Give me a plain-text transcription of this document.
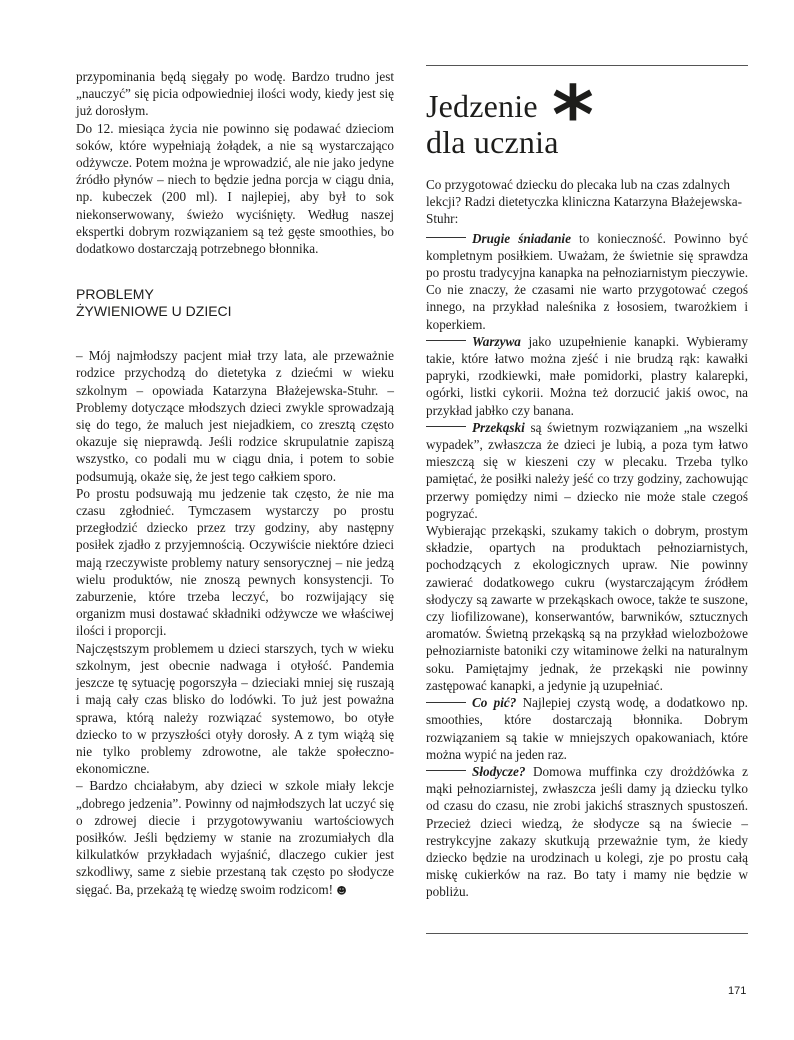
przypominania będą sięgały po wodę. Bardzo trudno jest „nauczyć” się picia odpowiedniej ilości wody, kiedy jest się już dorosłym.

Do 12. miesiąca życia nie powinno się podawać dzieciom soków, które wypełniają żołądek, a nie są wystarczająco odżywcze. Potem można je wprowadzić, ale nie jako jedyne źródło płynów – niech to będzie jedna porcja w ciągu dnia, np. kubeczek (200 ml). I najlepiej, aby był to sok niekonserwowany, świeżo wyciśnięty. Według naszej ekspertki dobrym rozwiązaniem są też gęste smoothies, bo dodatkowo dostarczają potrzebnego błonnika.

PROBLEMY
ŻYWIENIOWE U DZIECI

– Mój najmłodszy pacjent miał trzy lata, ale przeważnie rodzice przychodzą do dietetyka z dziećmi w wieku szkolnym – opowiada Katarzyna Błażejewska-Stuhr. – Problemy dotyczące młodszych dzieci zwykle sprowadzają się do tego, że maluch jest niejadkiem, co zresztą często okazuje się nieprawdą. Jeśli rodzice skrupulatnie zapiszą wszystko, co podali mu w ciągu dnia, i potem to sobie podsumują, okaże się, że jest tego całkiem sporo.

Po prostu podsuwają mu jedzenie tak często, że nie ma czasu zgłodnieć. Tymczasem wystarczy po prostu przegłodzić dziecko przez trzy godziny, aby następny posiłek zjadło z przyjemnością. Oczywiście niektóre dzieci mają rzeczywiste problemy natury sensorycznej – nie jedzą wielu produktów, nie znoszą pewnych konsystencji. To zaburzenie, które trzeba leczyć, bo rozwijający się organizm musi dostawać składniki odżywcze we właściwej ilości i proporcji.

Najczęstszym problemem u dzieci starszych, tych w wieku szkolnym, jest obecnie nadwaga i otyłość. Pandemia jeszcze tę sytuację pogorszyła – dzieciaki mniej się ruszają i mają cały czas blisko do lodówki. To już jest poważna sprawa, którą należy rozwiązać systemowo, bo otyłe dziecko to w przyszłości otyły dorosły. A z tym wiążą się nie tylko problemy zdrowotne, ale także społeczno-ekonomiczne.

– Bardzo chciałabym, aby dzieci w szkole miały lekcje „dobrego jedzenia”. Powinny od najmłodszych lat uczyć się o zdrowej diecie i przygotowywaniu wartościowych posiłków. Jeśli będziemy w stanie na zrozumiałych dla kilkulatków przykładach wyjaśnić, dlaczego cukier jest szkodliwy, same z siebie przestaną tak często po słodycze sięgać. Ba, przekażą tę wiedzę swoim rodzicom! ☻

Jedzenie
dla ucznia
*

Co przygotować dziecku do plecaka lub na czas zdalnych lekcji? Radzi dietetyczka kliniczna Katarzyna Błażejewska-Stuhr:

Drugie śniadanie to konieczność. Powinno być kompletnym posiłkiem. Uważam, że świetnie się sprawdza po prostu tradycyjna kanapka na pełnoziarnistym pieczywie. Co nie znaczy, że czasami nie warto przygotować czegoś innego, na przykład naleśnika z łososiem, twarożkiem i koperkiem.

Warzywa jako uzupełnienie kanapki. Wybieramy takie, które łatwo można zjeść i nie brudzą rąk: kawałki papryki, rzodkiewki, małe pomidorki, plastry kalarepki, ogórki, listki cykorii. Można też dorzucić jakiś owoc, na przykład jabłko czy banana.

Przekąski są świetnym rozwiązaniem „na wszelki wypadek”, zwłaszcza że dzieci je lubią, a poza tym łatwo mieszczą się w kieszeni czy w plecaku. Trzeba tylko pamiętać, że posiłki należy jeść co trzy godziny, zachowując przerwy pomiędzy nimi – dziecko nie może stale czegoś pogryzać.

Wybierając przekąski, szukamy takich o dobrym, prostym składzie, opartych na produktach pełnoziarnistych, pochodzących z ekologicznych upraw. Nie powinny zawierać dodatkowego cukru (wystarczającym źródłem słodyczy są zawarte w przekąskach owoce, także te suszone, czy liofilizowane), konserwantów, barwników, sztucznych aromatów. Świetną przekąską są na przykład wielozbożowe pełnoziarniste batoniki czy witaminowe żelki na naturalnym soku. Pamiętajmy jednak, że przekąski nie powinny zastępować kanapki, a jedynie ją uzupełniać.

Co pić? Najlepiej czystą wodę, a dodatkowo np. smoothies, które dostarczają błonnika. Dobrym rozwiązaniem są takie w mniejszych opakowaniach, które można wypić na jeden raz.

Słodycze? Domowa muffinka czy drożdżówka z mąki pełnoziarnistej, zwłaszcza jeśli damy ją dziecku tylko od czasu do czasu, nie zrobi jakichś strasznych spustoszeń. Przecież dzieci wiedzą, że słodycze są na świecie – restrykcyjne zakazy skutkują przeważnie tym, że kiedy dziecko będzie na urodzinach u kolegi, zje po prostu całą miskę cukierków na raz. Bo taty i mamy nie będzie w pobliżu.

171
